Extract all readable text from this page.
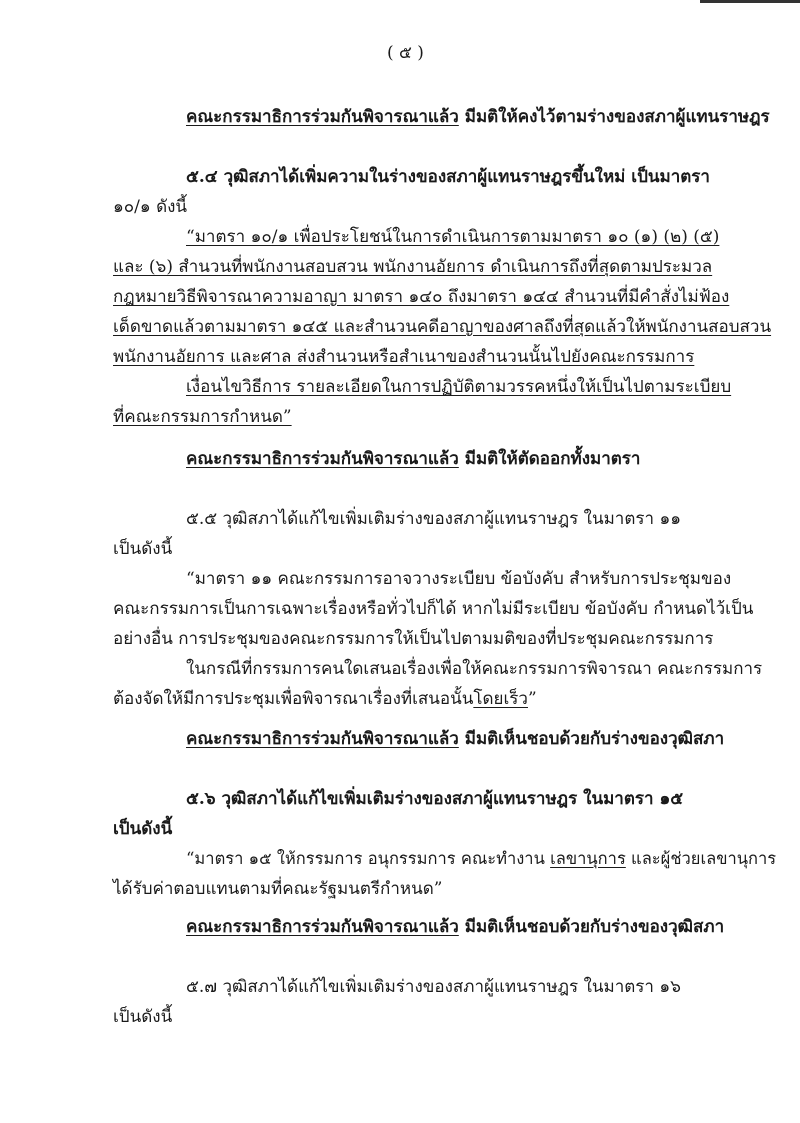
( ๕ )
คณะกรรมาธิการร่วมกันพิจารณาแล้ว มีมติให้คงไว้ตามร่างของสภาผู้แทนราษฎร
๕.๔ วุฒิสภาได้เพิ่มความในร่างของสภาผู้แทนราษฎรขึ้นใหม่ เป็นมาตรา
๑๐/๑ ดังนี้
“มาตรา ๑๐/๑ เพื่อประโยชน์ในการดำเนินการตามมาตรา ๑๐ (๑) (๒) (๕)
และ (๖) สำนวนที่พนักงานสอบสวน พนักงานอัยการ ดำเนินการถึงที่สุดตามประมวล
กฎหมายวิธีพิจารณาความอาญา มาตรา ๑๔๐ ถึงมาตรา ๑๔๔ สำนวนที่มีคำสั่งไม่ฟ้อง
เด็ดขาดแล้วตามมาตรา ๑๔๕ และสำนวนคดีอาญาของศาลถึงที่สุดแล้วให้พนักงานสอบสวน
พนักงานอัยการ และศาล ส่งสำนวนหรือสำเนาของสำนวนนั้นไปยังคณะกรรมการ
เงื่อนไขวิธีการ รายละเอียดในการปฏิบัติตามวรรคหนึ่งให้เป็นไปตามระเบียบ
ที่คณะกรรมการกำหนด”
คณะกรรมาธิการร่วมกันพิจารณาแล้ว มีมติให้ตัดออกทั้งมาตรา
๕.๕ วุฒิสภาได้แก้ไขเพิ่มเติมร่างของสภาผู้แทนราษฎร ในมาตรา ๑๑
เป็นดังนี้
“มาตรา ๑๑ คณะกรรมการอาจวางระเบียบ ข้อบังคับ สำหรับการประชุมของ
คณะกรรมการเป็นการเฉพาะเรื่องหรือทั่วไปก็ได้ หากไม่มีระเบียบ ข้อบังคับ กำหนดไว้เป็น
อย่างอื่น การประชุมของคณะกรรมการให้เป็นไปตามมติของที่ประชุมคณะกรรมการ
ในกรณีที่กรรมการคนใดเสนอเรื่องเพื่อให้คณะกรรมการพิจารณา คณะกรรมการ
ต้องจัดให้มีการประชุมเพื่อพิจารณาเรื่องที่เสนอนั้นโดยเร็ว”
คณะกรรมาธิการร่วมกันพิจารณาแล้ว มีมติเห็นชอบด้วยกับร่างของวุฒิสภา
๕.๖ วุฒิสภาได้แก้ไขเพิ่มเติมร่างของสภาผู้แทนราษฎร ในมาตรา ๑๕
เป็นดังนี้
“มาตรา ๑๕ ให้กรรมการ อนุกรรมการ คณะทำงาน เลขานุการ และผู้ช่วยเลขานุการ
ได้รับค่าตอบแทนตามที่คณะรัฐมนตรีกำหนด”
คณะกรรมาธิการร่วมกันพิจารณาแล้ว มีมติเห็นชอบด้วยกับร่างของวุฒิสภา
๕.๗ วุฒิสภาได้แก้ไขเพิ่มเติมร่างของสภาผู้แทนราษฎร ในมาตรา ๑๖
เป็นดังนี้
